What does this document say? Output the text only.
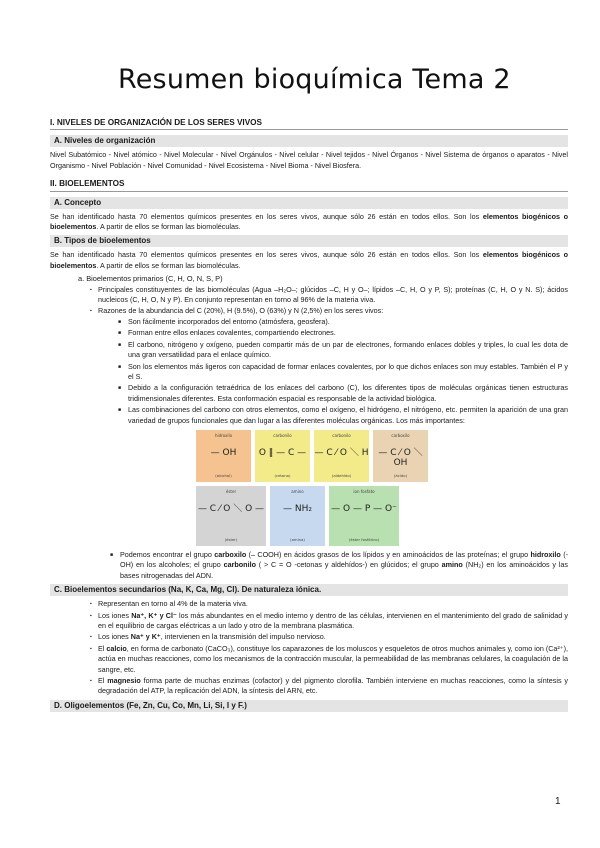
Resumen bioquímica Tema 2
I. NIVELES DE ORGANIZACIÓN DE LOS SERES VIVOS
A. Niveles de organización
Nivel Subatómico - Nivel atómico - Nivel Molecular - Nivel Orgánulos - Nivel celular - Nivel tejidos - Nivel Órganos - Nivel Sistema de órganos o aparatos - Nivel Organismo - Nivel Población - Nivel Comunidad - Nivel Ecosistema - Nivel Bioma - Nivel Biosfera.
II. BIOELEMENTOS
A. Concepto
Se han identificado hasta 70 elementos químicos presentes en los seres vivos, aunque sólo 26 están en todos ellos. Son los elementos biogénicos o bioelementos. A partir de ellos se forman las biomoléculas.
B. Tipos de bioelementos
Se han identificado hasta 70 elementos químicos presentes en los seres vivos, aunque sólo 26 están en todos ellos. Son los elementos biogénicos o bioelementos. A partir de ellos se forman las biomoléculas.
a. Bioelementos primarios (C, H, O, N, S, P)
▪ Principales constituyentes de las biomoléculas (Agua –H₂O–; glúcidos –C, H y O–; lípidos –C, H, O y P, S); proteínas (C, H, O y N. S); ácidos nucleicos (C, H, O, N y P). En conjunto representan en torno al 96% de la materia viva.
▪ Razones de la abundancia del C (20%), H (9.5%), O (63%) y N (2,5%) en los seres vivos:
■ Son fácilmente incorporados del entorno (atmósfera, geosfera).
■ Forman entre ellos enlaces covalentes, compartiendo electrones.
■ El carbono, nitrógeno y oxígeno, pueden compartir más de un par de electrones, formando enlaces dobles y triples, lo cual les dota de una gran versatilidad para el enlace químico.
■ Son los elementos más ligeros con capacidad de formar enlaces covalentes, por lo que dichos enlaces son muy estables. También el P y el S.
■ Debido a la configuración tetraédrica de los enlaces del carbono (C), los diferentes tipos de moléculas orgánicas tienen estructuras tridimensionales diferentes. Esta conformación espacial es responsable de la actividad biológica.
■ Las combinaciones del carbono con otros elementos, como el oxígeno, el hidrógeno, el nitrógeno, etc. permiten la aparición de una gran variedad de grupos funcionales que dan lugar a las diferentes moléculas orgánicas. Los más importantes:
hidroxilo
— OH
(alcohol)
carbonilo
O ‖ — C —
(cetona)
carbonilo
— C ⁄ O ＼ H
(aldehído)
carboxilo
— C ⁄ O ＼ OH
(ácido)
éster
— C ⁄ O ＼ O —
(éster)
amino
— NH₂
(amina)
ion fosfato
— O — P — O⁻
(éster fosfórico)
■ Podemos encontrar el grupo carboxilo (– COOH) en ácidos grasos de los lípidos y en aminoácidos de las proteínas; el grupo hidroxilo (-OH) en los alcoholes; el grupo carbonilo ( > C = O -cetonas y aldehídos-) en glúcidos; el grupo amino (NH₂) en los aminoácidos y las bases nitrogenadas del ADN.
C. Bioelementos secundarios (Na, K, Ca, Mg, Cl). De naturaleza iónica.
▪ Representan en torno al 4% de la materia viva.
▪ Los iones Na⁺, K⁺ y Cl⁻ los más abundantes en el medio interno y dentro de las células, intervienen en el mantenimiento del grado de salinidad y en el equilibrio de cargas eléctricas a un lado y otro de la membrana plasmática.
▪ Los iones Na⁺ y K⁺, intervienen en la transmisión del impulso nervioso.
▪ El calcio, en forma de carbonato (CaCO₃), constituye los caparazones de los moluscos y esqueletos de otros muchos animales y, como ion (Ca²⁺), actúa en muchas reacciones, como los mecanismos de la contracción muscular, la permeabilidad de las membranas celulares, la coagulación de la sangre, etc.
▪ El magnesio forma parte de muchas enzimas (cofactor) y del pigmento clorofila. También interviene en muchas reacciones, como la síntesis y degradación del ATP, la replicación del ADN, la síntesis del ARN, etc.
D. Oligoelementos (Fe, Zn, Cu, Co, Mn, Li, Si, I y F.)
1
